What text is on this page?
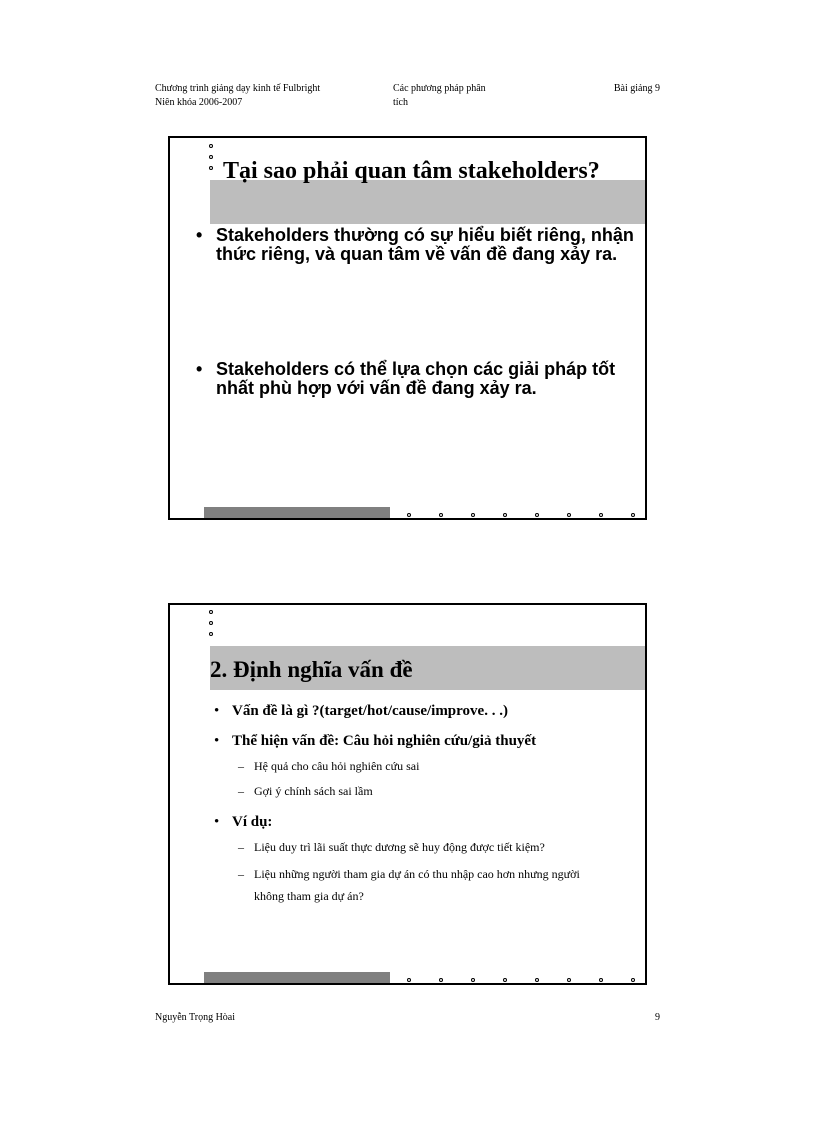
Chương trình giảng dạy kinh tế Fulbright
Niên khóa 2006-2007
Các phương pháp phân
tích
Bài giảng 9
Tại sao phải quan tâm stakeholders?
• Stakeholders thường có sự hiểu biết riêng, nhận thức riêng, và quan tâm về vấn đề đang xảy ra.
• Stakeholders có thể lựa chọn các giải pháp tốt nhất phù hợp với vấn đề đang xảy ra.
2. Định nghĩa vấn đề
• Vấn đề là gì ?(target/hot/cause/improve. . .)
• Thể hiện vấn đề: Câu hỏi nghiên cứu/giả thuyết
– Hệ quả cho câu hỏi nghiên cứu sai
– Gợi ý chính sách sai lầm
• Ví dụ:
– Liệu duy trì lãi suất thực dương sẽ huy động được tiết kiệm?
– Liệu những người tham gia dự án có thu nhập cao hơn nhưng người không tham gia dự án?
Nguyễn Trọng Hòai	9
